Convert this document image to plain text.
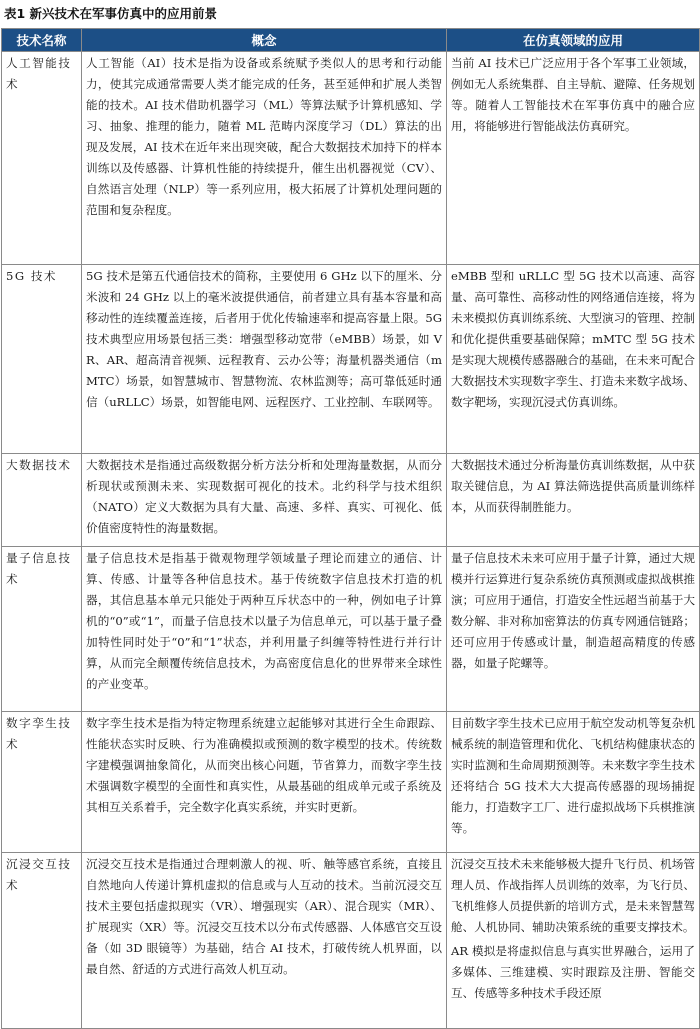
表1 新兴技术在军事仿真中的应用前景
技术名称	概念	在仿真领域的应用
人工智能技术	人工智能（AI）技术是指为设备或系统赋予类似人的思考和行动能力，使其完成通常需要人类才能完成的任务，甚至延伸和扩展人类智能的技术。AI 技术借助机器学习（ML）等算法赋予计算机感知、学习、抽象、推理的能力，随着 ML 范畴内深度学习（DL）算法的出现及发展，AI 技术在近年来出现突破，配合大数据技术加持下的样本训练以及传感器、计算机性能的持续提升，催生出机器视觉（CV）、自然语言处理（NLP）等一系列应用，极大拓展了计算机处理问题的范围和复杂程度。	当前 AI 技术已广泛应用于各个军事工业领域，例如无人系统集群、自主导航、避障、任务规划等。随着人工智能技术在军事仿真中的融合应用，将能够进行智能战法仿真研究。

5G 技术	5G 技术是第五代通信技术的简称，主要使用 6 GHz 以下的厘米、分米波和 24 GHz 以上的毫米波提供通信，前者建立具有基本容量和高移动性的连续覆盖连接，后者用于优化传输速率和提高容量上限。5G 技术典型应用场景包括三类：增强型移动宽带（eMBB）场景，如 VR、AR、超高清音视频、远程教育、云办公等；海量机器类通信（mMTC）场景，如智慧城市、智慧物流、农林监测等；高可靠低延时通信（uRLLC）场景，如智能电网、远程医疗、工业控制、车联网等。	eMBB 型和 uRLLC 型 5G 技术以高速、高容量、高可靠性、高移动性的网络通信连接，将为未来模拟仿真训练系统、大型演习的管理、控制和优化提供重要基础保障；mMTC 型 5G 技术是实现大规模传感器融合的基础，在未来可配合大数据技术实现数字孪生、打造未来数字战场、数字靶场，实现沉浸式仿真训练。

大数据技术	大数据技术是指通过高级数据分析方法分析和处理海量数据，从而分析现状或预测未来、实现数据可视化的技术。北约科学与技术组织（NATO）定义大数据为具有大量、高速、多样、真实、可视化、低价值密度特性的海量数据。	大数据技术通过分析海量仿真训练数据，从中获取关键信息，为 AI 算法筛选提供高质量训练样本，从而获得制胜能力。

量子信息技术	量子信息技术是指基于微观物理学领域量子理论而建立的通信、计算、传感、计量等各种信息技术。基于传统数字信息技术打造的机器，其信息基本单元只能处于两种互斥状态中的一种，例如电子计算机的“0”或“1”，而量子信息技术以量子为信息单元，可以基于量子叠加特性同时处于“0”和“1”状态，并利用量子纠缠等特性进行并行计算，从而完全颠覆传统信息技术，为高密度信息化的世界带来全球性的产业变革。	量子信息技术未来可应用于量子计算，通过大规模并行运算进行复杂系统仿真预测或虚拟战棋推演；可应用于通信，打造安全性远超当前基于大数分解、非对称加密算法的仿真专网通信链路；还可应用于传感或计量，制造超高精度的传感器，如量子陀螺等。

数字孪生技术	数字孪生技术是指为特定物理系统建立起能够对其进行全生命跟踪、性能状态实时反映、行为准确模拟或预测的数字模型的技术。传统数字建模强调抽象简化，从而突出核心问题，节省算力，而数字孪生技术强调数字模型的全面性和真实性，从最基础的组成单元或子系统及其相互关系着手，完全数字化真实系统，并实时更新。	目前数字孪生技术已应用于航空发动机等复杂机械系统的制造管理和优化、飞机结构健康状态的实时监测和生命周期预测等。未来数字孪生技术还将结合 5G 技术大大提高传感器的现场捕捉能力，打造数字工厂、进行虚拟战场下兵棋推演等。

沉浸交互技术	沉浸交互技术是指通过合理刺激人的视、听、触等感官系统，直接且自然地向人传递计算机虚拟的信息或与人互动的技术。当前沉浸交互技术主要包括虚拟现实（VR）、增强现实（AR）、混合现实（MR）、扩展现实（XR）等。沉浸交互技术以分布式传感器、人体感官交互设备（如 3D 眼镜等）为基础，结合 AI 技术，打破传统人机界面，以最自然、舒适的方式进行高效人机互动。	沉浸交互技术未来能够极大提升飞行员、机场管理人员、作战指挥人员训练的效率，为飞行员、飞机维修人员提供新的培训方式，是未来智慧驾舱、人机协同、辅助决策系统的重要支撑技术。

AR 模拟是将虚拟信息与真实世界融合，运用了多媒体、三维建模、实时跟踪及注册、智能交互、传感等多种技术手段还原
